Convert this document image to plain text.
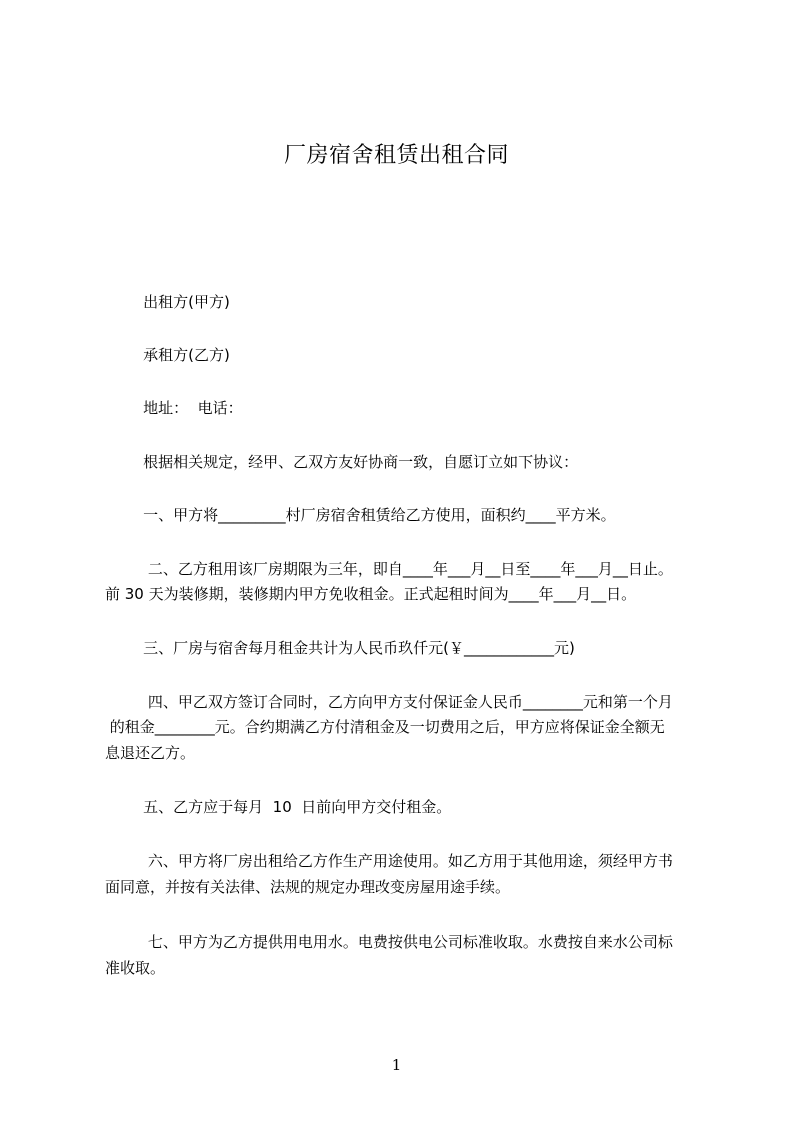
厂房宿舍租赁出租合同
出租方(甲方)
承租方(乙方)
地址：  电话：
根据相关规定，经甲、乙双方友好协商一致，自愿订立如下协议：
一、甲方将_________村厂房宿舍租赁给乙方使用，面积约____平方米。
二、乙方租用该厂房期限为三年，即自____年___月__日至____年___月__日止。
前 30 天为装修期，装修期内甲方免收租金。正式起租时间为____年___月__日。
三、厂房与宿舍每月租金共计为人民币玖仟元(￥____________元)
四、甲乙双方签订合同时，乙方向甲方支付保证金人民币________元和第一个月
的租金________元。合约期满乙方付清租金及一切费用之后，甲方应将保证金全额无
息退还乙方。
五、乙方应于每月  10  日前向甲方交付租金。
六、甲方将厂房出租给乙方作生产用途使用。如乙方用于其他用途，须经甲方书
面同意，并按有关法律、法规的规定办理改变房屋用途手续。
七、甲方为乙方提供用电用水。电费按供电公司标准收取。水费按自来水公司标
准收取。
1
